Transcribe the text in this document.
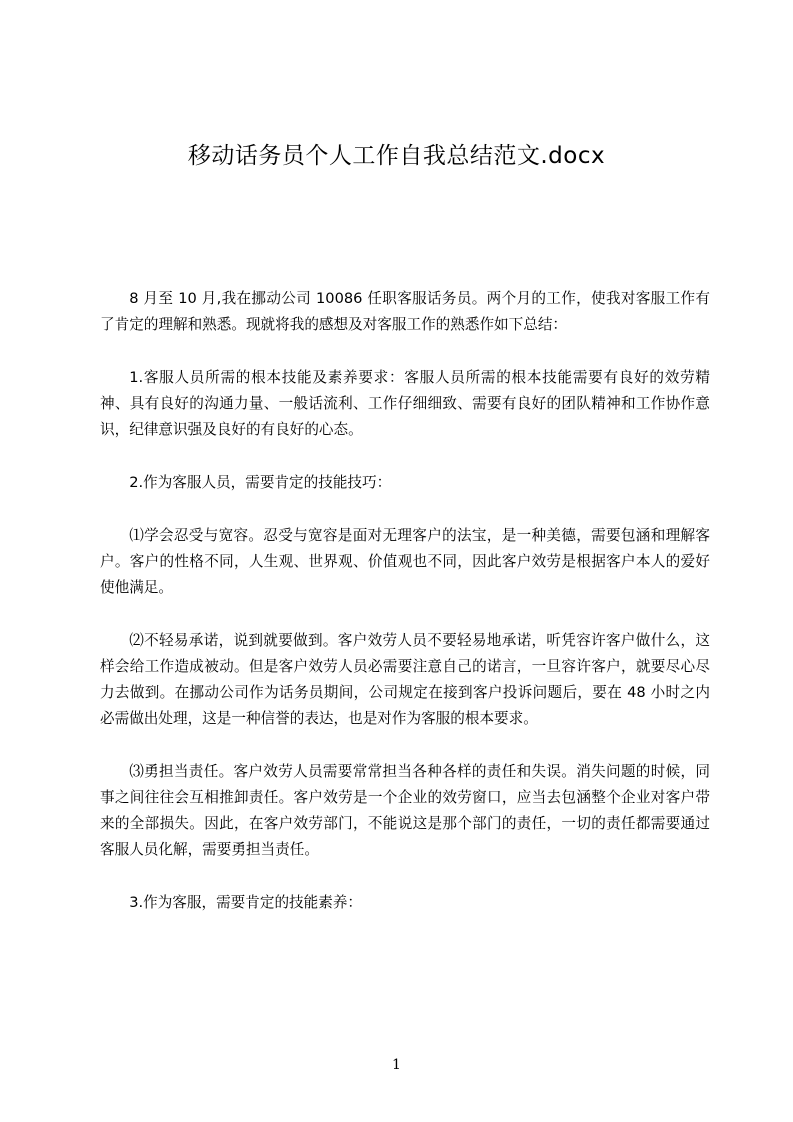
移动话务员个人工作自我总结范文.docx

8 月至 10 月,我在挪动公司 10086 任职客服话务员。两个月的工作，使我对客服工作有了肯定的理解和熟悉。现就将我的感想及对客服工作的熟悉作如下总结：

1.客服人员所需的根本技能及素养要求：客服人员所需的根本技能需要有良好的效劳精神、具有良好的沟通力量、一般话流利、工作仔细细致、需要有良好的团队精神和工作协作意识，纪律意识强及良好的有良好的心态。

2.作为客服人员，需要肯定的技能技巧：

⑴学会忍受与宽容。忍受与宽容是面对无理客户的法宝，是一种美德，需要包涵和理解客户。客户的性格不同，人生观、世界观、价值观也不同，因此客户效劳是根据客户本人的爱好使他满足。

⑵不轻易承诺，说到就要做到。客户效劳人员不要轻易地承诺，听凭容许客户做什么，这样会给工作造成被动。但是客户效劳人员必需要注意自己的诺言，一旦容许客户，就要尽心尽力去做到。在挪动公司作为话务员期间，公司规定在接到客户投诉问题后，要在 48 小时之内必需做出处理，这是一种信誉的表达，也是对作为客服的根本要求。

⑶勇担当责任。客户效劳人员需要常常担当各种各样的责任和失误。消失问题的时候，同事之间往往会互相推卸责任。客户效劳是一个企业的效劳窗口，应当去包涵整个企业对客户带来的全部损失。因此，在客户效劳部门，不能说这是那个部门的责任，一切的责任都需要通过客服人员化解，需要勇担当责任。

3.作为客服，需要肯定的技能素养：

1
